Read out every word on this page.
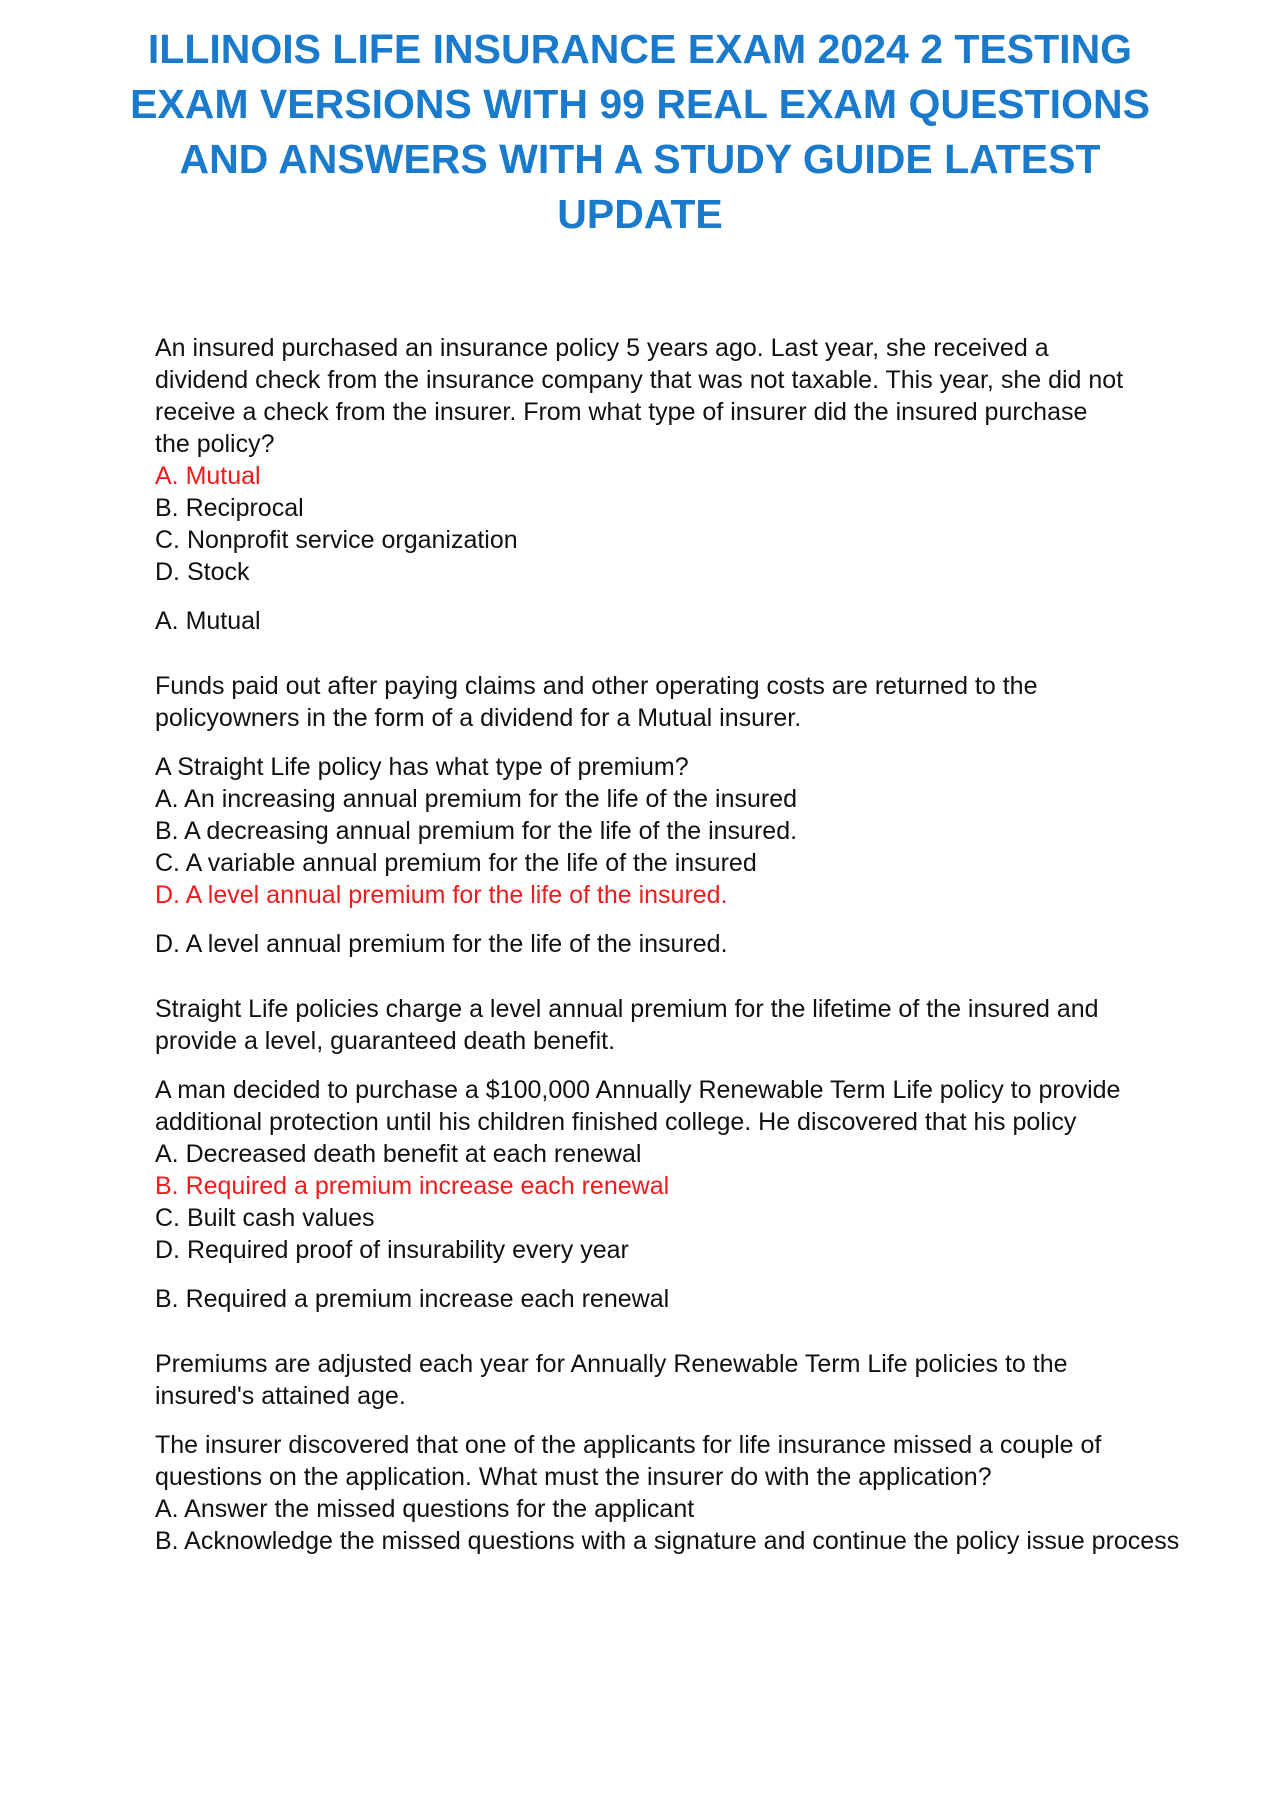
ILLINOIS LIFE INSURANCE EXAM 2024 2 TESTING
EXAM VERSIONS WITH 99 REAL EXAM QUESTIONS
AND ANSWERS WITH A STUDY GUIDE LATEST
UPDATE
An insured purchased an insurance policy 5 years ago. Last year, she received a
dividend check from the insurance company that was not taxable. This year, she did not
receive a check from the insurer. From what type of insurer did the insured purchase
the policy?
A. Mutual
B. Reciprocal
C. Nonprofit service organization
D. Stock
A. Mutual
Funds paid out after paying claims and other operating costs are returned to the
policyowners in the form of a dividend for a Mutual insurer.
A Straight Life policy has what type of premium?
A. An increasing annual premium for the life of the insured
B. A decreasing annual premium for the life of the insured.
C. A variable annual premium for the life of the insured
D. A level annual premium for the life of the insured.
D. A level annual premium for the life of the insured.
Straight Life policies charge a level annual premium for the lifetime of the insured and
provide a level, guaranteed death benefit.
A man decided to purchase a $100,000 Annually Renewable Term Life policy to provide
additional protection until his children finished college. He discovered that his policy
A. Decreased death benefit at each renewal
B. Required a premium increase each renewal
C. Built cash values
D. Required proof of insurability every year
B. Required a premium increase each renewal
Premiums are adjusted each year for Annually Renewable Term Life policies to the
insured's attained age.
The insurer discovered that one of the applicants for life insurance missed a couple of
questions on the application. What must the insurer do with the application?
A. Answer the missed questions for the applicant
B. Acknowledge the missed questions with a signature and continue the policy issue process
